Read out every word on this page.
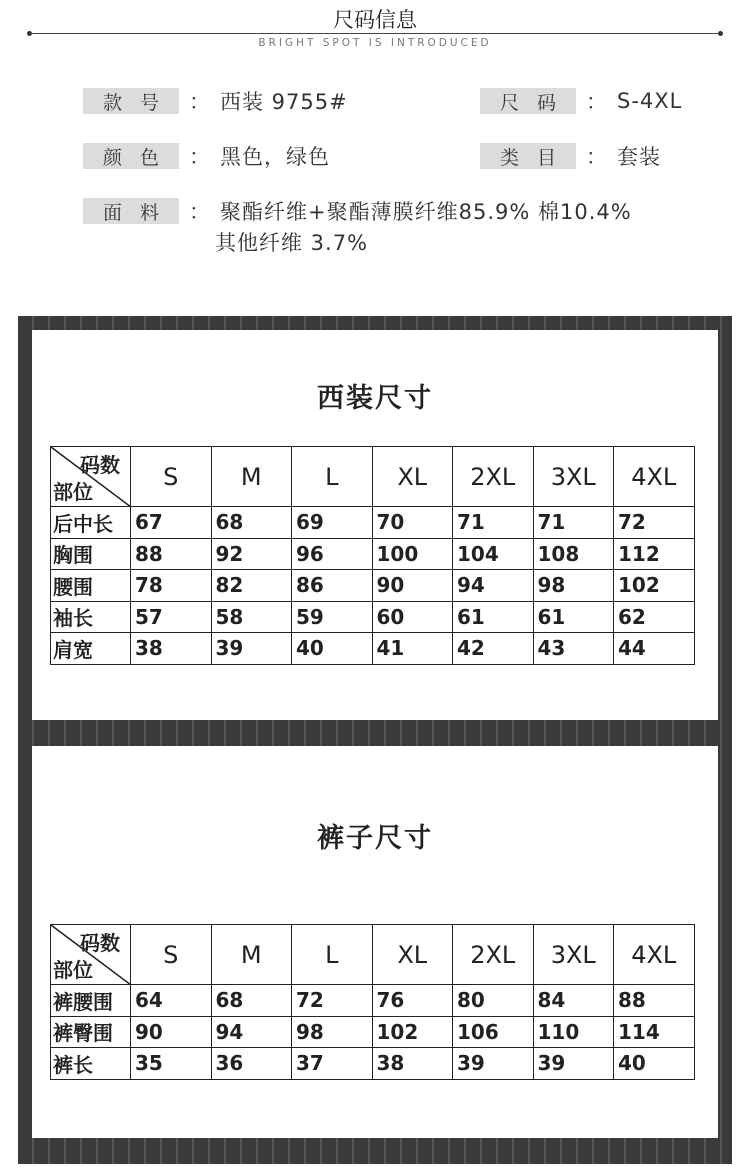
尺码信息
BRIGHT SPOT IS INTRODUCED
款号 ： 西装 9755#	尺码 ： S-4XL
颜色 ： 黑色，绿色	类目 ： 套装
面料 ： 聚酯纤维+聚酯薄膜纤维85.9% 棉10.4%
其他纤维 3.7%
西装尺寸
码数
部位	S	M	L	XL	2XL	3XL	4XL
后中长	67	68	69	70	71	71	72
胸围	88	92	96	100	104	108	112
腰围	78	82	86	90	94	98	102
袖长	57	58	59	60	61	61	62
肩宽	38	39	40	41	42	43	44
裤子尺寸
码数
部位	S	M	L	XL	2XL	3XL	4XL
裤腰围	64	68	72	76	80	84	88
裤臀围	90	94	98	102	106	110	114
裤长	35	36	37	38	39	39	40
